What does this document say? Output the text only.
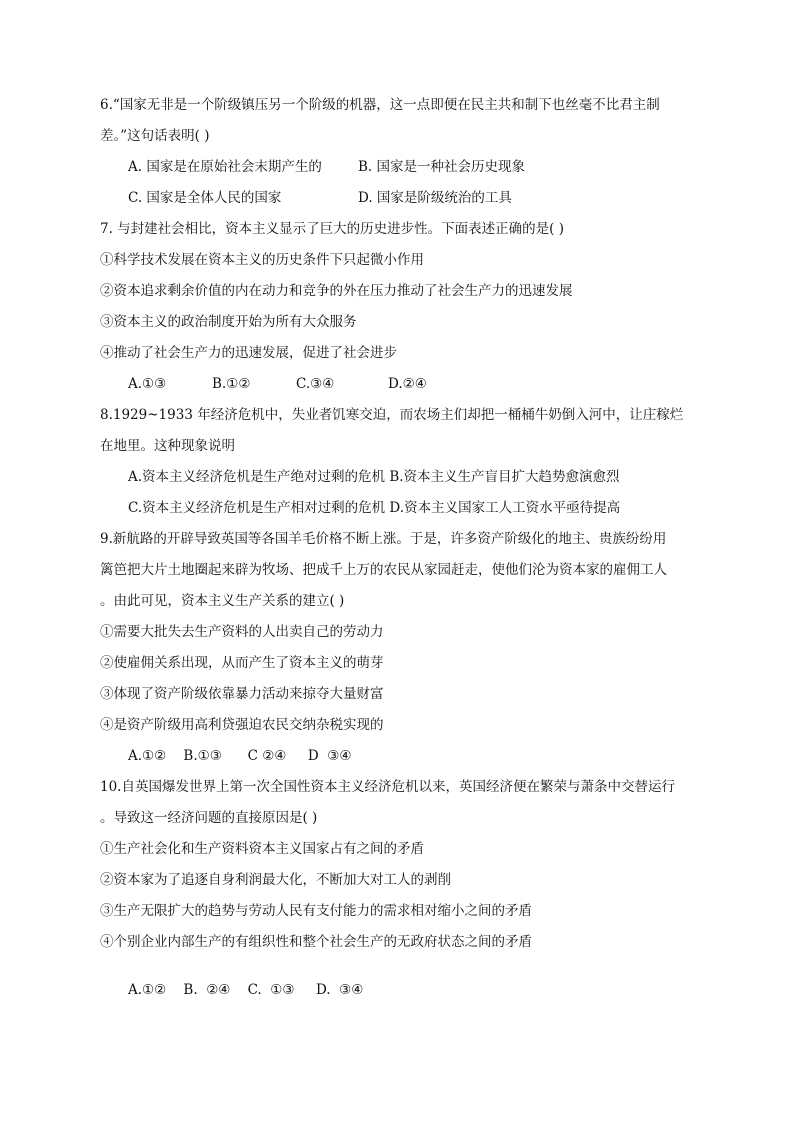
6.“国家无非是一个阶级镇压另一个阶级的机器，这一点即便在民主共和制下也丝毫不比君主制
差。”这句话表明( )
A. 国家是在原始社会末期产生的	B. 国家是一种社会历史现象
C. 国家是全体人民的国家	D. 国家是阶级统治的工具
7. 与封建社会相比，资本主义显示了巨大的历史进步性。下面表述正确的是( )
①科学技术发展在资本主义的历史条件下只起微小作用
②资本追求剩余价值的内在动力和竞争的外在压力推动了社会生产力的迅速发展
③资本主义的政治制度开始为所有大众服务
④推动了社会生产力的迅速发展，促进了社会进步
A.①③	B.①②	C.③④	D.②④
8.1929~1933 年经济危机中，失业者饥寒交迫，而农场主们却把一桶桶牛奶倒入河中，让庄稼烂
在地里。这种现象说明
A.资本主义经济危机是生产绝对过剩的危机 B.资本主义生产盲目扩大趋势愈演愈烈
C.资本主义经济危机是生产相对过剩的危机 D.资本主义国家工人工资水平亟待提高
9.新航路的开辟导致英国等各国羊毛价格不断上涨。于是，许多资产阶级化的地主、贵族纷纷用
篱笆把大片土地圈起来辟为牧场、把成千上万的农民从家园赶走，使他们沦为资本家的雇佣工人
。由此可见，资本主义生产关系的建立( )
①需要大批失去生产资料的人出卖自己的劳动力
②使雇佣关系出现，从而产生了资本主义的萌芽
③体现了资产阶级依靠暴力活动来掠夺大量财富
④是资产阶级用高利贷强迫农民交纳杂税实现的
A.①②    B.①③      C ②④     D  ③④
10.自英国爆发世界上第一次全国性资本主义经济危机以来，英国经济便在繁荣与萧条中交替运行
。导致这一经济问题的直接原因是( )
①生产社会化和生产资料资本主义国家占有之间的矛盾
②资本家为了追逐自身利润最大化，不断加大对工人的剥削
③生产无限扩大的趋势与劳动人民有支付能力的需求相对缩小之间的矛盾
④个别企业内部生产的有组织性和整个社会生产的无政府状态之间的矛盾
A.①②    B.  ②④    C.  ①③     D.  ③④
